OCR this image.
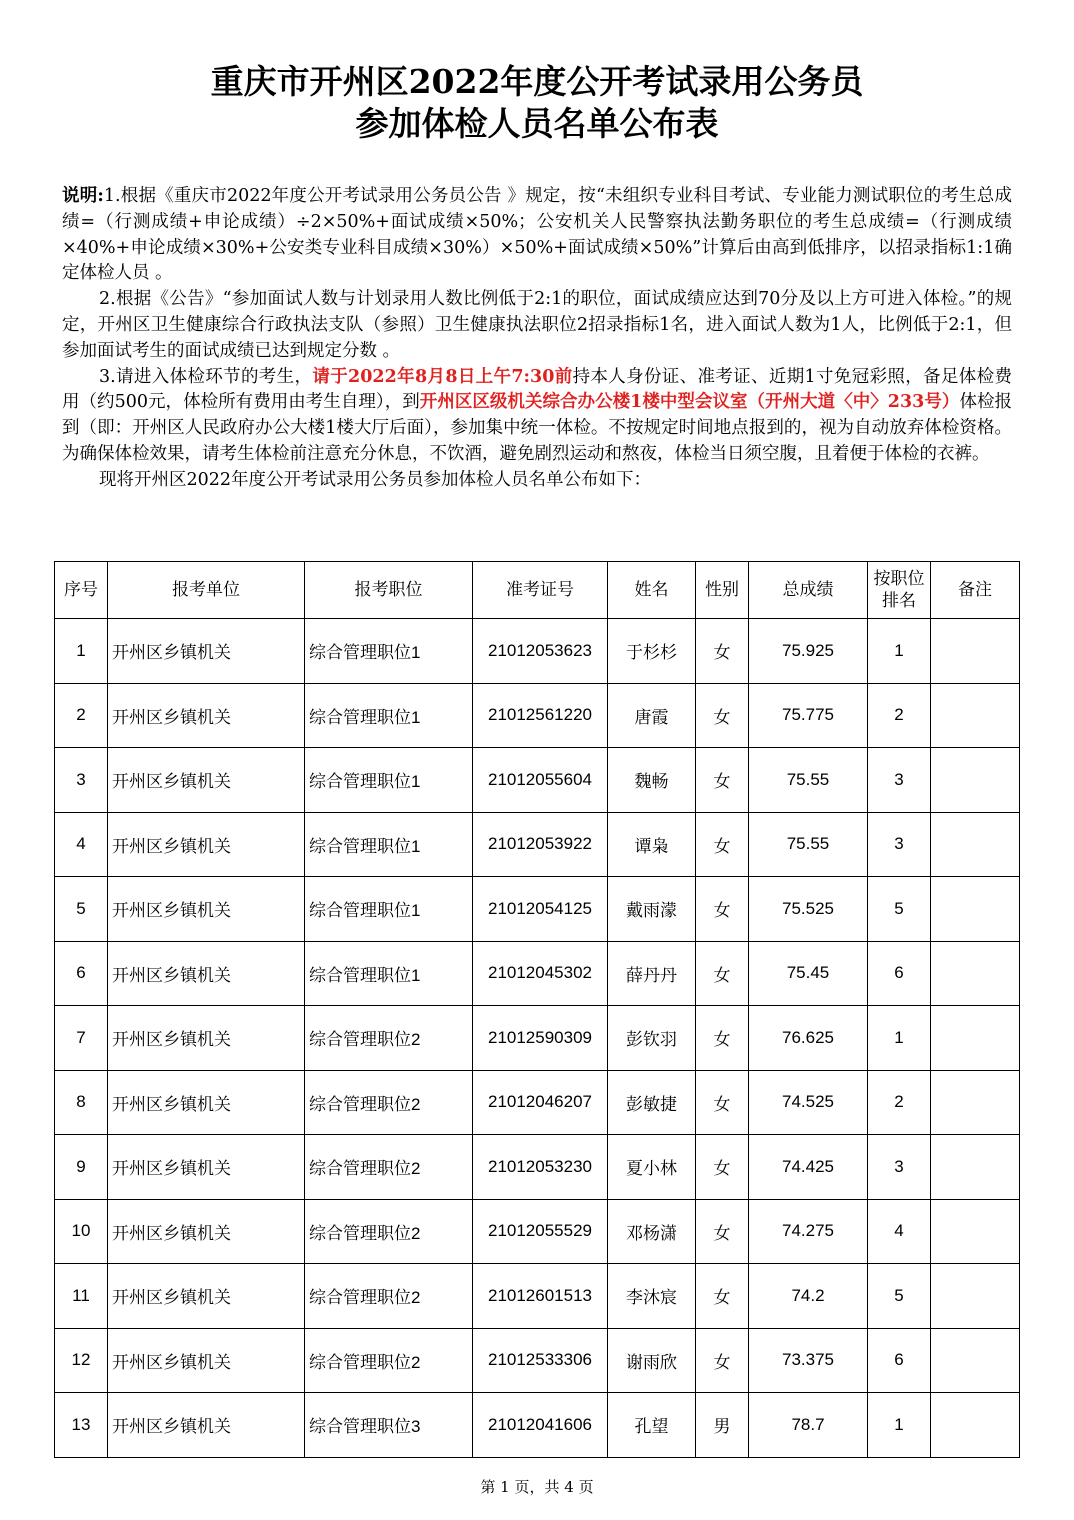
重庆市开州区2022年度公开考试录用公务员
参加体检人员名单公布表

说明:1.根据《重庆市2022年度公开考试录用公务员公告 》规定，按“未组织专业科目考试、专业能力测试职位的考生总成绩=（行测成绩+申论成绩）÷2×50%+面试成绩×50%；公安机关人民警察执法勤务职位的考生总成绩=（行测成绩×40%+申论成绩×30%+公安类专业科目成绩×30%）×50%+面试成绩×50%”计算后由高到低排序，以招录指标1:1确定体检人员 。

2.根据《公告》“参加面试人数与计划录用人数比例低于2:1的职位，面试成绩应达到70分及以上方可进入体检。”的规定，开州区卫生健康综合行政执法支队（参照）卫生健康执法职位2招录指标1名，进入面试人数为1人，比例低于2:1，但参加面试考生的面试成绩已达到规定分数 。

3.请进入体检环节的考生，请于2022年8月8日上午7:30前持本人身份证、准考证、近期1寸免冠彩照，备足体检费用（约500元，体检所有费用由考生自理），到开州区区级机关综合办公楼1楼中型会议室（开州大道〈中〉233号）体检报到（即：开州区人民政府办公大楼1楼大厅后面），参加集中统一体检。不按规定时间地点报到的，视为自动放弃体检资格。为确保体检效果，请考生体检前注意充分休息，不饮酒，避免剧烈运动和熬夜，体检当日须空腹，且着便于体检的衣裤。

现将开州区2022年度公开考试录用公务员参加体检人员名单公布如下：

序号	报考单位	报考职位	准考证号	姓名	性别	总成绩	按职位
排名	备注
1	开州区乡镇机关	综合管理职位1	21012053623	于杉杉	女	75.925	1	
2	开州区乡镇机关	综合管理职位1	21012561220	唐霞	女	75.775	2	
3	开州区乡镇机关	综合管理职位1	21012055604	魏畅	女	75.55	3	
4	开州区乡镇机关	综合管理职位1	21012053922	谭枭	女	75.55	3	
5	开州区乡镇机关	综合管理职位1	21012054125	戴雨濛	女	75.525	5	
6	开州区乡镇机关	综合管理职位1	21012045302	薛丹丹	女	75.45	6	
7	开州区乡镇机关	综合管理职位2	21012590309	彭钦羽	女	76.625	1	
8	开州区乡镇机关	综合管理职位2	21012046207	彭敏捷	女	74.525	2	
9	开州区乡镇机关	综合管理职位2	21012053230	夏小林	女	74.425	3	
10	开州区乡镇机关	综合管理职位2	21012055529	邓杨潇	女	74.275	4	
11	开州区乡镇机关	综合管理职位2	21012601513	李沐宸	女	74.2	5	
12	开州区乡镇机关	综合管理职位2	21012533306	谢雨欣	女	73.375	6	
13	开州区乡镇机关	综合管理职位3	21012041606	孔望	男	78.7	1	
第 1 页，共 4 页
